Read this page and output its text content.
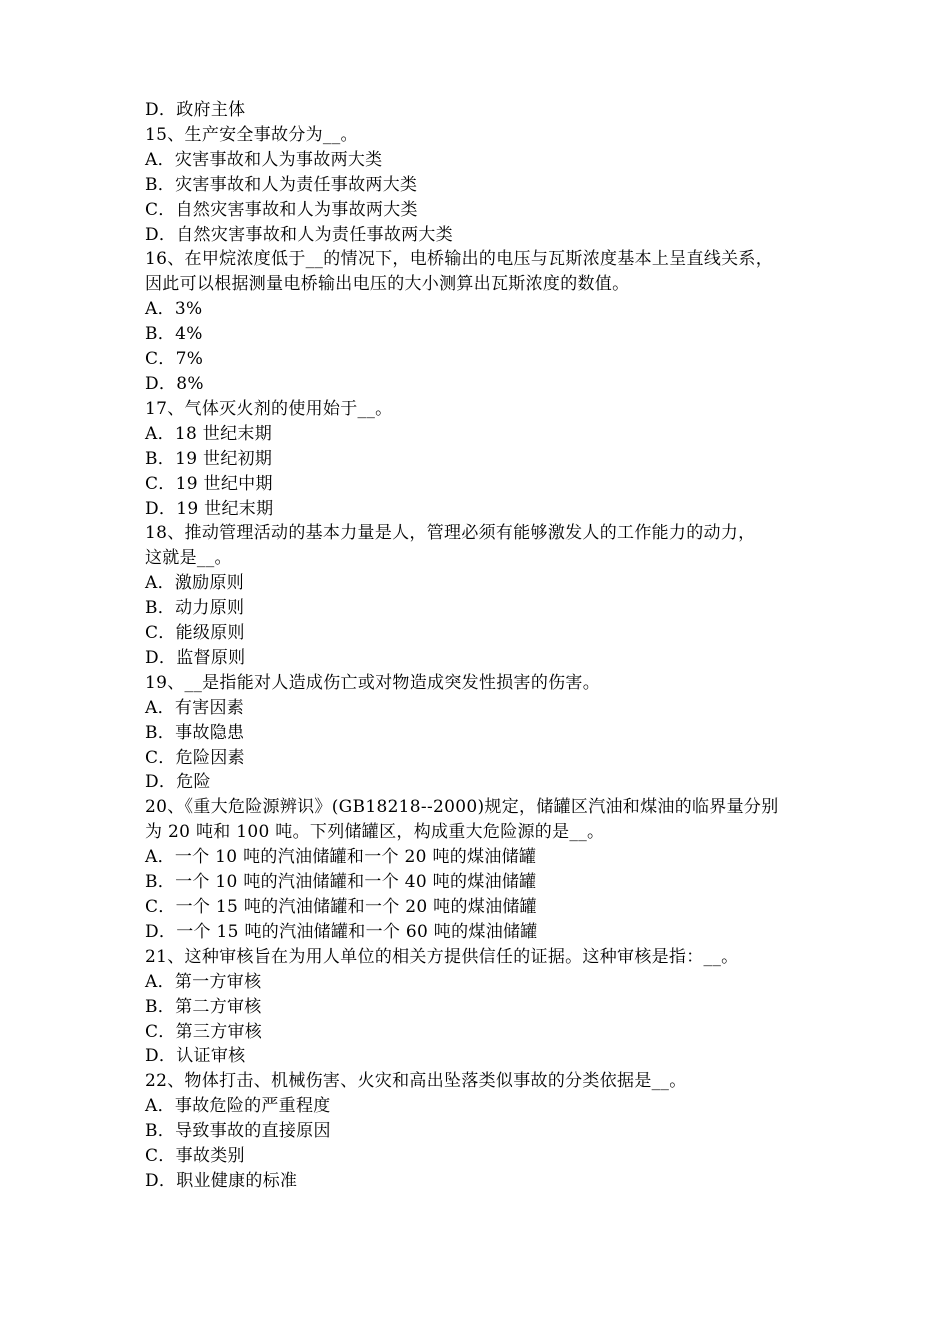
D．政府主体
15、生产安全事故分为__。
A．灾害事故和人为事故两大类
B．灾害事故和人为责任事故两大类
C．自然灾害事故和人为事故两大类
D．自然灾害事故和人为责任事故两大类
16、在甲烷浓度低于__的情况下，电桥输出的电压与瓦斯浓度基本上呈直线关系，
因此可以根据测量电桥输出电压的大小测算出瓦斯浓度的数值。
A．3%
B．4%
C．7%
D．8%
17、气体灭火剂的使用始于__。
A．18 世纪末期
B．19 世纪初期
C．19 世纪中期
D．19 世纪末期
18、推动管理活动的基本力量是人，管理必须有能够激发人的工作能力的动力，
这就是__。
A．激励原则
B．动力原则
C．能级原则
D．监督原则
19、__是指能对人造成伤亡或对物造成突发性损害的伤害。
A．有害因素
B．事故隐患
C．危险因素
D．危险
20、《重大危险源辨识》(GB18218--2000)规定，储罐区汽油和煤油的临界量分别
为 20 吨和 100 吨。下列储罐区，构成重大危险源的是__。
A．一个 10 吨的汽油储罐和一个 20 吨的煤油储罐
B．一个 10 吨的汽油储罐和一个 40 吨的煤油储罐
C．一个 15 吨的汽油储罐和一个 20 吨的煤油储罐
D．一个 15 吨的汽油储罐和一个 60 吨的煤油储罐
21、这种审核旨在为用人单位的相关方提供信任的证据。这种审核是指：__。
A．第一方审核
B．第二方审核
C．第三方审核
D．认证审核
22、物体打击、机械伤害、火灾和高出坠落类似事故的分类依据是__。
A．事故危险的严重程度
B．导致事故的直接原因
C．事故类别
D．职业健康的标准
